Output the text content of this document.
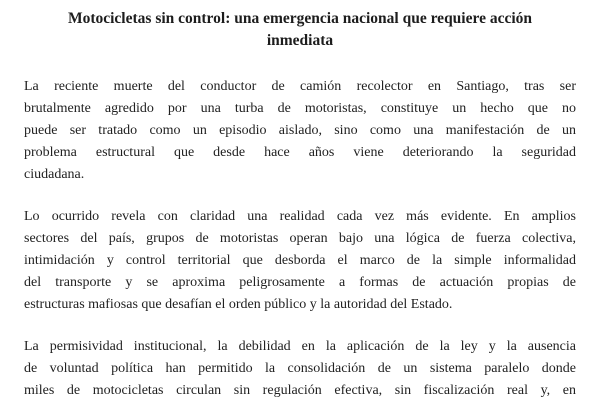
Motocicletas sin control: una emergencia nacional que requiere acción
inmediata
La reciente muerte del conductor de camión recolector en Santiago, tras ser
brutalmente agredido por una turba de motoristas, constituye un hecho que no
puede ser tratado como un episodio aislado, sino como una manifestación de un
problema estructural que desde hace años viene deteriorando la seguridad
ciudadana.
Lo ocurrido revela con claridad una realidad cada vez más evidente. En amplios
sectores del país, grupos de motoristas operan bajo una lógica de fuerza colectiva,
intimidación y control territorial que desborda el marco de la simple informalidad
del transporte y se aproxima peligrosamente a formas de actuación propias de
estructuras mafiosas que desafían el orden público y la autoridad del Estado.
La permisividad institucional, la debilidad en la aplicación de la ley y la ausencia
de voluntad política han permitido la consolidación de un sistema paralelo donde
miles de motocicletas circulan sin regulación efectiva, sin fiscalización real y, en
